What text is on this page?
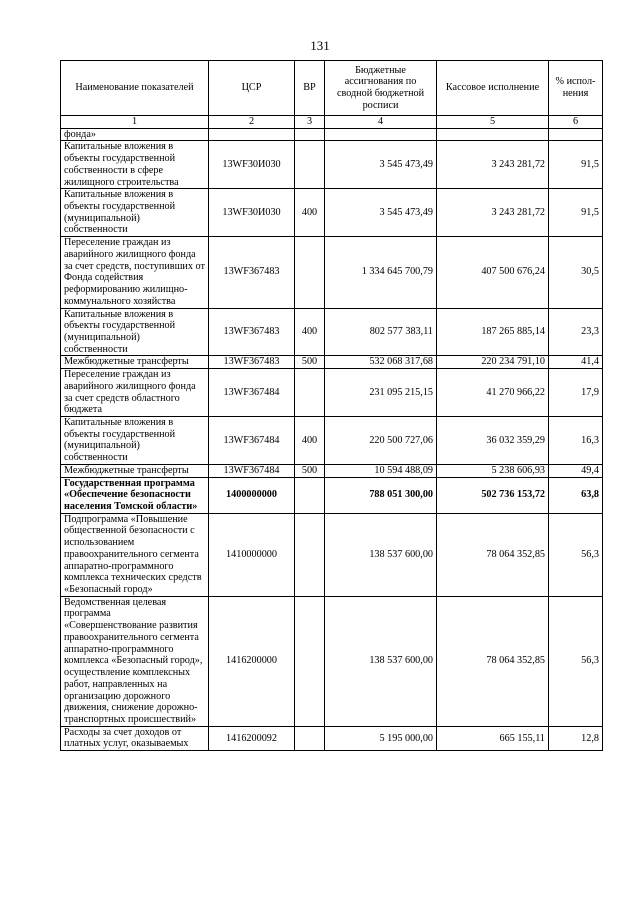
131
Наименование показателей	ЦСР	ВР	Бюджетные ассигнования по сводной бюджетной росписи	Кассовое исполнение	% испол-нения
1	2	3	4	5	6
фонда»					
Капитальные вложения в объекты государственной собственности в сфере жилищного строительства	13WF30И030		3 545 473,49	3 243 281,72	91,5
Капитальные вложения в объекты государственной (муниципальной) собственности	13WF30И030	400	3 545 473,49	3 243 281,72	91,5
Переселение граждан из аварийного жилищного фонда за счет средств, поступивших от Фонда содействия реформированию жилищно-коммунального хозяйства	13WF367483		1 334 645 700,79	407 500 676,24	30,5
Капитальные вложения в объекты государственной (муниципальной) собственности	13WF367483	400	802 577 383,11	187 265 885,14	23,3
Межбюджетные трансферты	13WF367483	500	532 068 317,68	220 234 791,10	41,4
Переселение граждан из аварийного жилищного фонда за счет средств областного бюджета	13WF367484		231 095 215,15	41 270 966,22	17,9
Капитальные вложения в объекты государственной (муниципальной) собственности	13WF367484	400	220 500 727,06	36 032 359,29	16,3
Межбюджетные трансферты	13WF367484	500	10 594 488,09	5 238 606,93	49,4
Государственная программа «Обеспечение безопасности населения Томской области»	1400000000		788 051 300,00	502 736 153,72	63,8
Подпрограмма «Повышение общественной безопасности с использованием правоохранительного сегмента аппаратно-программного комплекса технических средств «Безопасный город»	1410000000		138 537 600,00	78 064 352,85	56,3
Ведомственная целевая программа «Совершенствование развития правоохранительного сегмента аппаратно-программного комплекса «Безопасный город», осуществление комплексных работ, направленных на организацию дорожного движения, снижение дорожно-транспортных происшествий»	1416200000		138 537 600,00	78 064 352,85	56,3
Расходы за счет доходов от платных услуг, оказываемых	1416200092		5 195 000,00	665 155,11	12,8
